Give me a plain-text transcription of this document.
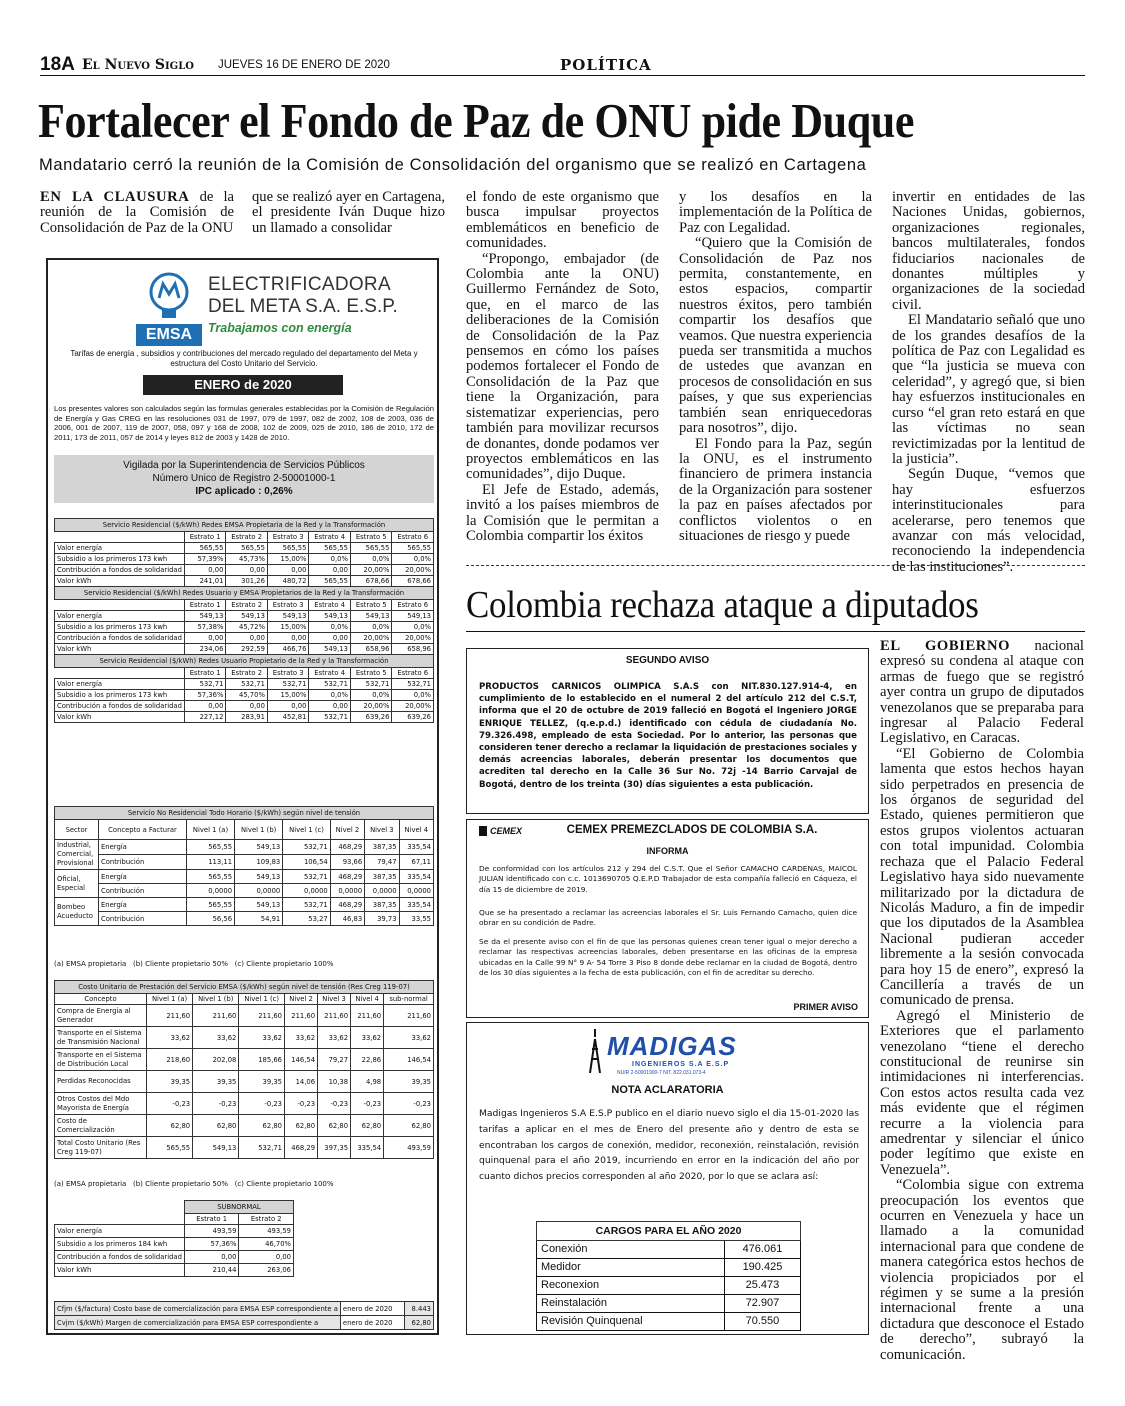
18A El Nuevo Siglo JUEVES 16 DE ENERO DE 2020	POLÍTICA
Fortalecer el Fondo de Paz de ONU pide Duque
Mandatario cerró la reunión de la Comisión de Consolidación del organismo que se realizó en Cartagena

EN LA CLAUSURA de la reunión de la Comisión de Consolidación de Paz de la ONU

que se realizó ayer en Cartagena, el presidente Iván Duque hizo un llamado a consolidar

el fondo de este organismo que busca impulsar proyectos emblemáticos en beneficio de comunidades.

“Propongo, embajador (de Colombia ante la ONU) Guillermo Fernández de Soto, que, en el marco de las deliberaciones de la Comisión de Consolidación de la Paz pensemos en cómo los países podemos fortalecer el Fondo de Consolidación de la Paz que tiene la Organización, para sistematizar experiencias, pero también para movilizar recursos de donantes, donde podamos ver proyectos emblemáticos en las comunidades”, dijo Duque.

El Jefe de Estado, además, invitó a los países miembros de la Comisión que le permitan a Colombia compartir los éxitos

y los desafíos en la implementación de la Política de Paz con Legalidad.

“Quiero que la Comisión de Consolidación de Paz nos permita, constantemente, en estos espacios, compartir nuestros éxitos, pero también compartir los desafíos que veamos. Que nuestra experiencia pueda ser transmitida a muchos de ustedes que avanzan en procesos de consolidación en sus países, y que sus experiencias también sean enriquecedoras para nosotros”, dijo.

El Fondo para la Paz, según la ONU, es el instrumento financiero de primera instancia de la Organización para sostener la paz en países afectados por conflictos violentos o en situaciones de riesgo y puede

invertir en entidades de las Naciones Unidas, gobiernos, organizaciones regionales, bancos multilaterales, fondos fiduciarios nacionales de donantes múltiples y organizaciones de la sociedad civil.

El Mandatario señaló que uno de los grandes desafíos de la política de Paz con Legalidad es que “la justicia se mueva con celeridad”, y agregó que, si bien hay esfuerzos institucionales en curso “el gran reto estará en que las víctimas no sean revictimizadas por la lentitud de la justicia”.

Según Duque, “vemos que hay esfuerzos interinstitucionales para acelerarse, pero tenemos que avanzar con más velocidad, reconociendo la independencia de las instituciones”.

EMSA
ELECTRIFICADORA
DEL META S.A. E.S.P.
Trabajamos con energía
Tarifas de energía , subsidios y contribuciones del mercado regulado del departamento del Meta y estructura del Costo Unitario del Servicio.
ENERO de 2020
Los presentes valores son calculados según las formulas generales establecidas por la Comisión de Regulación de Energía y Gas CREG en las resoluciones 031 de 1997, 079 de 1997, 082 de 2002, 108 de 2003, 036 de 2006, 001 de 2007, 119 de 2007, 058, 097 y 168 de 2008, 102 de 2009, 025 de 2010, 186 de 2010, 172 de 2011, 173 de 2011, 057 de 2014 y leyes 812 de 2003 y 1428 de 2010.
Vigilada por la Superintendencia de Servicios Públicos
Número Unico de Registro 2-50001000-1
IPC aplicado : 0,26%
Servicio Residencial ($/kWh) Redes EMSA Propietaria de la Red y la Transformación						
	Estrato 1	Estrato 2	Estrato 3	Estrato 4	Estrato 5	Estrato 6
Valor energía	565,55	565,55	565,55	565,55	565,55	565,55
Subsidio a los primeros 173 kwh	57,39%	45,73%	15,00%	0,0%	0,0%	0,0%
Contribución a fondos de solidaridad	0,00	0,00	0,00	0,00	20,00%	20,00%
Valor kWh	241,01	301,26	480,72	565,55	678,66	678,66
Servicio Residencial ($/kWh) Redes Usuario y EMSA Propietarios de la Red y la Transformación						
	Estrato 1	Estrato 2	Estrato 3	Estrato 4	Estrato 5	Estrato 6
Valor energía	549,13	549,13	549,13	549,13	549,13	549,13
Subsidio a los primeros 173 kwh	57,38%	45,72%	15,00%	0,0%	0,0%	0,0%
Contribución a fondos de solidaridad	0,00	0,00	0,00	0,00	20,00%	20,00%
Valor kWh	234,06	292,59	466,76	549,13	658,96	658,96
Servicio Residencial ($/kWh) Redes Usuario Propietario de la Red y la Transformación						
	Estrato 1	Estrato 2	Estrato 3	Estrato 4	Estrato 5	Estrato 6
Valor energía	532,71	532,71	532,71	532,71	532,71	532,71
Subsidio a los primeros 173 kwh	57,36%	45,70%	15,00%	0,0%	0,0%	0,0%
Contribución a fondos de solidaridad	0,00	0,00	0,00	0,00	20,00%	20,00%
Valor kWh	227,12	283,91	452,81	532,71	639,26	639,26
Servicio No Residencial Todo Horario ($/kWh) según nivel de tensión							
Sector	Concepto a Facturar	Nivel 1 (a)	Nivel 1 (b)	Nivel 1 (c)	Nivel 2	Nivel 3	Nivel 4
Industrial, Comercial, Provisional	Energía	565,55	549,13	532,71	468,29	387,35	335,54
	Contribución	113,11	109,83	106,54	93,66	79,47	67,11
Oficial, Especial	Energía	565,55	549,13	532,71	468,29	387,35	335,54
	Contribución	0,0000	0,0000	0,0000	0,0000	0,0000	0,0000
Bombeo Acueducto	Energía	565,55	549,13	532,71	468,29	387,35	335,54
	Contribución	56,56	54,91	53,27	46,83	39,73	33,55
(a) EMSA propietaria   (b) Cliente propietario 50%   (c) Cliente propietario 100%
Costo Unitario de Prestación del Servicio EMSA ($/kWh) según nivel de tensión (Res Creg 119-07)							
Concepto	Nivel 1 (a)	Nivel 1 (b)	Nivel 1 (c)	Nivel 2	Nivel 3	Nivel 4	sub-normal
Compra de Energía al Generador	211,60	211,60	211,60	211,60	211,60	211,60	211,60
Transporte en el Sistema de Transmisión Nacional	33,62	33,62	33,62	33,62	33,62	33,62	33,62
Transporte en el Sistema de Distribución Local	218,60	202,08	185,66	146,54	79,27	22,86	146,54
Perdidas Reconocidas	39,35	39,35	39,35	14,06	10,38	4,98	39,35
Otros Costos del Mdo Mayorista de Energía	-0,23	-0,23	-0,23	-0,23	-0,23	-0,23	-0,23
Costo de Comercialización	62,80	62,80	62,80	62,80	62,80	62,80	62,80
Total Costo Unitario (Res Creg 119-07)	565,55	549,13	532,71	468,29	397,35	335,54	493,59
(a) EMSA propietaria   (b) Cliente propietario 50%   (c) Cliente propietario 100%
	SUBNORMAL	
	Estrato 1	Estrato 2
Valor energía	493,59	493,59
Subsidio a los primeros 184 kwh	57,36%	46,70%
Contribución a fondos de solidaridad	0,00	0,00
Valor kWh	210,44	263,06
Cfjm ($/factura) Costo base de comercialización para EMSA ESP correspondiente a	enero de 2020	8.443
Cvjm ($/kWh) Margen de comercialización para EMSA ESP correspondiente a	enero de 2020	62,80
Colombia rechaza ataque a diputados

EL GOBIERNO nacional expresó su condena al ataque con armas de fuego que se registró ayer contra un grupo de diputados venezolanos que se preparaba para ingresar al Palacio Federal Legislativo, en Caracas.

“El Gobierno de Colombia lamenta que estos hechos hayan sido perpetrados en presencia de los órganos de seguridad del Estado, quienes permitieron que estos grupos violentos actuaran con total impunidad. Colombia rechaza que el Palacio Federal Legislativo haya sido nuevamente militarizado por la dictadura de Nicolás Maduro, a fin de impedir que los diputados de la Asamblea Nacional pudieran acceder libremente a la sesión convocada para hoy 15 de enero”, expresó la Cancillería a través de un comunicado de prensa.

Agregó el Ministerio de Exteriores que el parlamento venezolano “tiene el derecho constitucional de reunirse sin intimidaciones ni interferencias. Con estos actos resulta cada vez más evidente que el régimen recurre a la violencia para amedrentar y silenciar el único poder legítimo que existe en Venezuela”.

“Colombia sigue con extrema preocupación los eventos que ocurren en Venezuela y hace un llamado a la comunidad internacional para que condene de manera categórica estos hechos de violencia propiciados por el régimen y se sume a la presión internacional frente a una dictadura que desconoce el Estado de derecho”, subrayó la comunicación.

SEGUNDO AVISO
PRODUCTOS CARNICOS OLIMPICA S.A.S con NIT.830.127.914-4, en cumplimiento de lo establecido en el numeral 2 del artículo 212 del C.S.T, informa que el 20 de octubre de 2019 falleció en Bogotá el Ingeniero JORGE ENRIQUE TELLEZ, (q.e.p.d.) identificado con cédula de ciudadanía No. 79.326.498, empleado de esta Sociedad. Por lo anterior, las personas que consideren tener derecho a reclamar la liquidación de prestaciones sociales y demás acreencias laborales, deberán presentar los documentos que acrediten tal derecho en la Calle 36 Sur No. 72j -14 Barrio Carvajal de Bogotá, dentro de los treinta (30) días siguientes a esta publicación.
CEMEX	CEMEX PREMEZCLADOS DE COLOMBIA S.A.
INFORMA
De conformidad con los artículos 212 y 294 del C.S.T. Que el Señor CAMACHO CARDENAS, MAICOL JULIAN identificado con c.c. 1013690705 Q.E.P.D Trabajador de esta compañía falleció en Cáqueza, el día 15 de diciembre de 2019.
Que se ha presentado a reclamar las acreencias laborales el Sr. Luis Fernando Camacho, quien dice obrar en su condición de Padre.
Se da el presente aviso con el fin de que las personas quienes crean tener igual o mejor derecho a reclamar las respectivas acreencias laborales, deben presentarse en las oficinas de la empresa ubicadas en la Calle 99 N° 9 A- 54 Torre 3 Piso 8 donde debe reclamar en la ciudad de Bogotá, dentro de los 30 días siguientes a la fecha de esta publicación, con el fin de acreditar su derecho.
PRIMER AVISO
MADIGAS
INGENIEROS S.A E.S.P
NUIR 2-50001900-7 NIT. 822.031.073-4
NOTA ACLARATORIA
Madigas Ingenieros S.A E.S.P publico en el diario nuevo siglo el dia 15-01-2020 las tarifas a aplicar en el mes de Enero del presente año y dentro de esta se encontraban los cargos de conexión, medidor, reconexión, reinstalación, revisión quinquenal para el año 2019, incurriendo en error en la indicación del año por cuanto dichos precios corresponden al año 2020, por lo que se aclara así:
CARGOS PARA EL AÑO 2020	
Conexión	476.061
Medidor	190.425
Reconexion	25.473
Reinstalación	72.907
Revisión Quinquenal	70.550
